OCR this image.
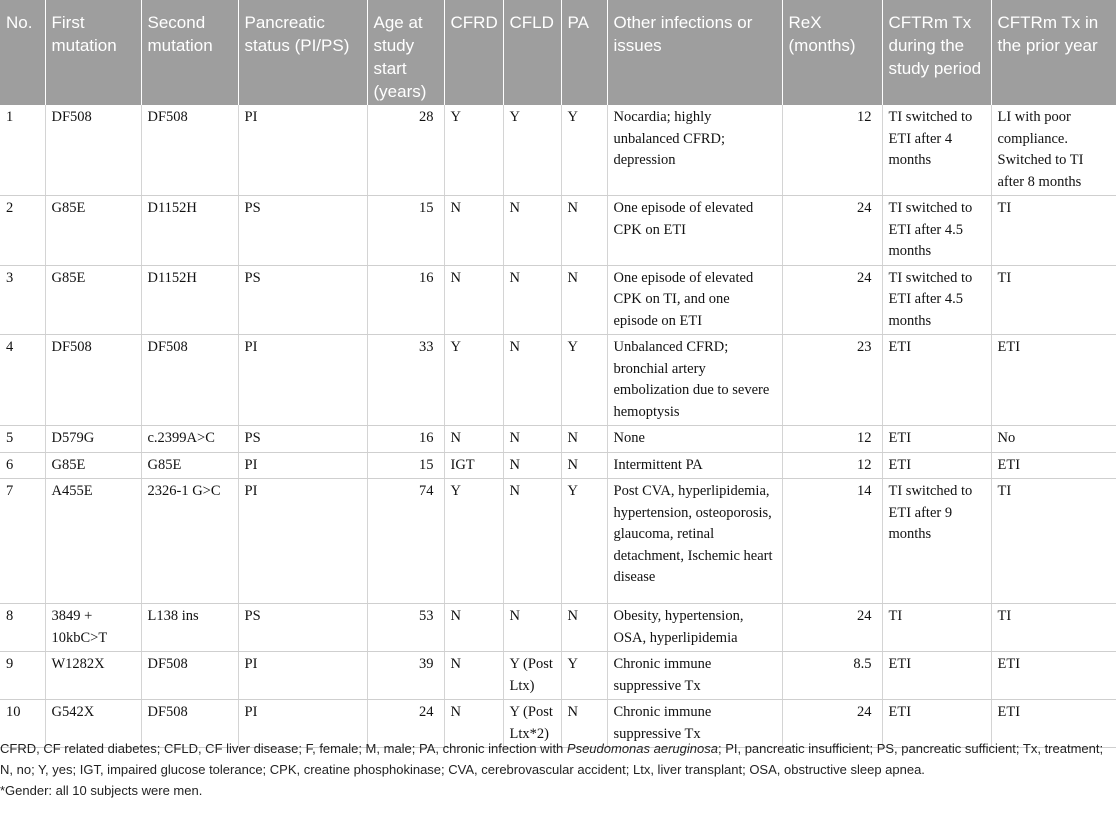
No.	First mutation	Second mutation	Pancreatic status (PI/PS)	Age at study start (years)	CFRD	CFLD	PA	Other infections or issues	ReX (months)	CFTRm Tx during the study period	CFTRm Tx in the prior year
1	DF508	DF508	PI	28	Y	Y	Y	Nocardia; highly unbalanced CFRD; depression	12	TI switched to ETI after 4 months	LI with poor compliance. Switched to TI after 8 months
2	G85E	D1152H	PS	15	N	N	N	One episode of elevated CPK on ETI	24	TI switched to ETI after 4.5 months	TI
3	G85E	D1152H	PS	16	N	N	N	One episode of elevated CPK on TI, and one episode on ETI	24	TI switched to ETI after 4.5 months	TI
4	DF508	DF508	PI	33	Y	N	Y	Unbalanced CFRD; bronchial artery embolization due to severe hemoptysis	23	ETI	ETI
5	D579G	c.2399A>C	PS	16	N	N	N	None	12	ETI	No
6	G85E	G85E	PI	15	IGT	N	N	Intermittent PA	12	ETI	ETI
7	A455E	2326-1 G>C	PI	74	Y	N	Y	Post CVA, hyperlipidemia, hypertension, osteoporosis, glaucoma, retinal detachment, Ischemic heart disease	14	TI switched to ETI after 9 months	TI
8	3849 + 10kbC>T	L138 ins	PS	53	N	N	N	Obesity, hypertension, OSA, hyperlipidemia	24	TI	TI
9	W1282X	DF508	PI	39	N	Y (Post Ltx)	Y	Chronic immune suppressive Tx	8.5	ETI	ETI
10	G542X	DF508	PI	24	N	Y (Post Ltx*2)	N	Chronic immune suppressive Tx	24	ETI	ETI

CFRD, CF related diabetes; CFLD, CF liver disease; F, female; M, male; PA, chronic infection with Pseudomonas aeruginosa; PI, pancreatic insufficient; PS, pancreatic sufficient; Tx, treatment; N, no; Y, yes; IGT, impaired glucose tolerance; CPK, creatine phosphokinase; CVA, cerebrovascular accident; Ltx, liver transplant; OSA, obstructive sleep apnea.

*Gender: all 10 subjects were men.
